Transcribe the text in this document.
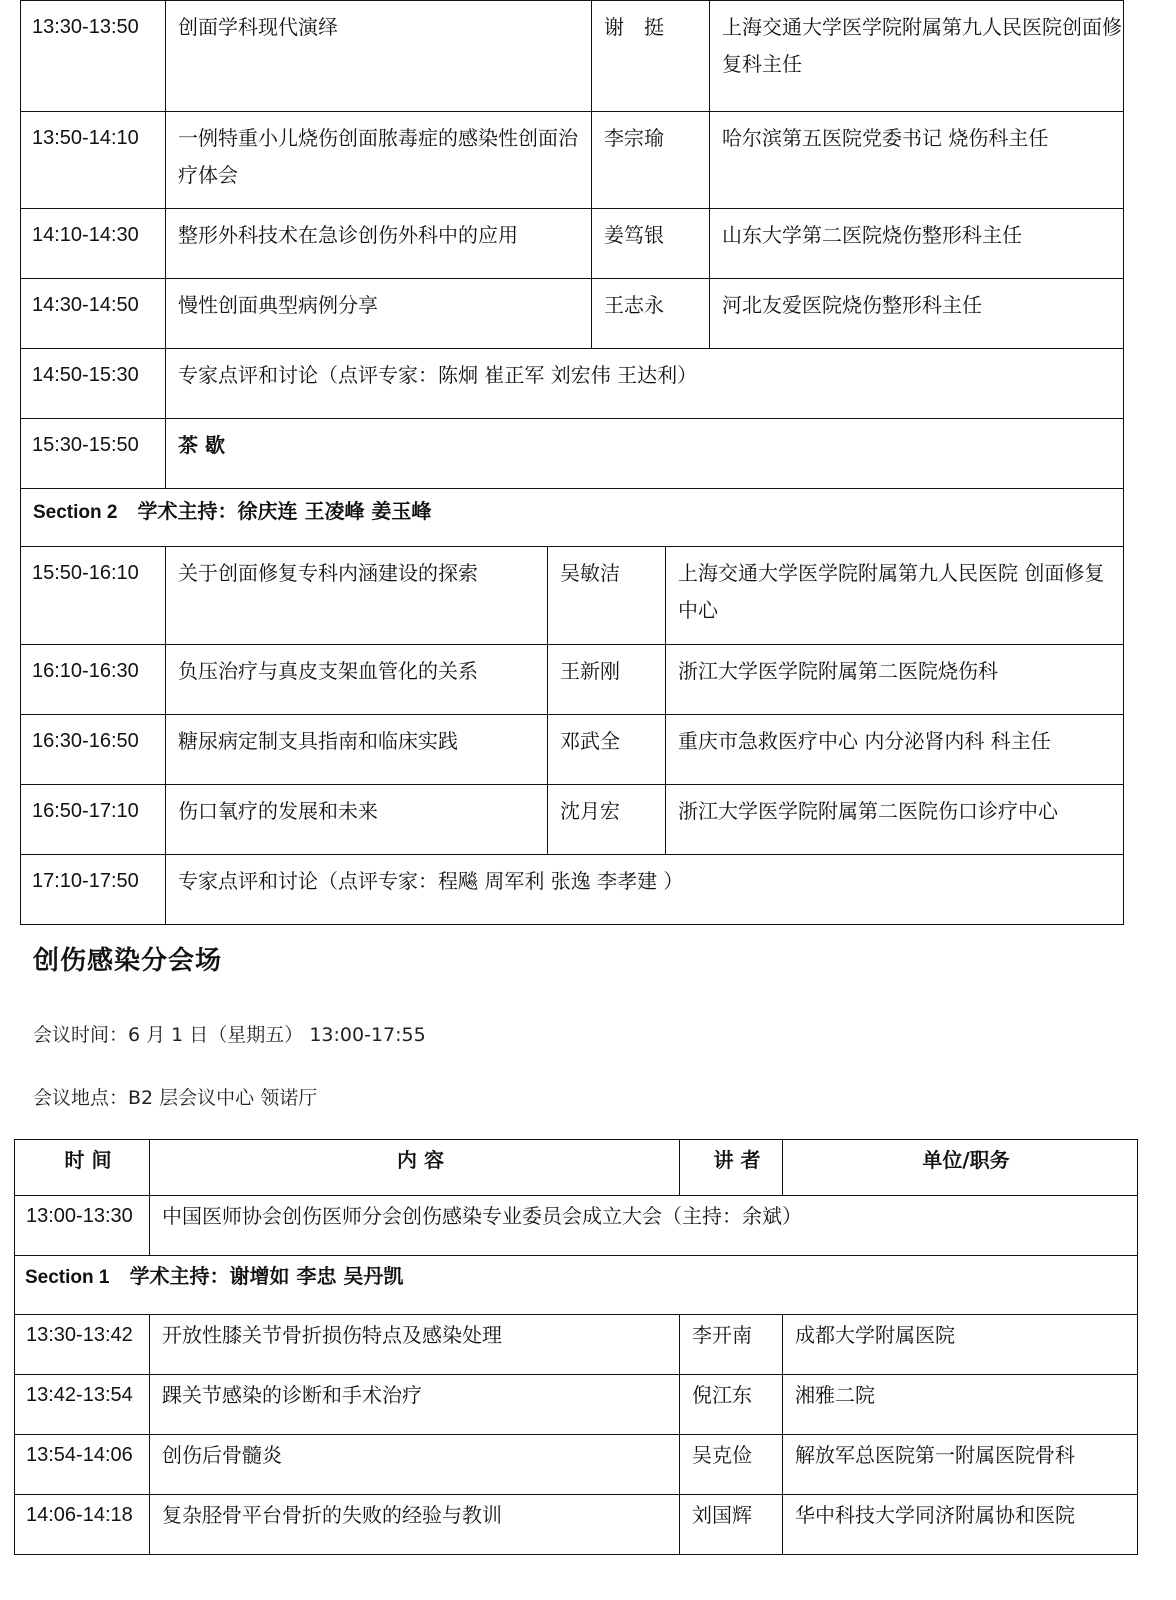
13:30-13:50	创面学科现代演绎	谢　挺	上海交通大学医学院附属第九人民医院创面修复科主任

13:50-14:10	一例特重小儿烧伤创面脓毒症的感染性创面治疗体会	李宗瑜	哈尔滨第五医院党委书记 烧伤科主任

14:10-14:30	整形外科技术在急诊创伤外科中的应用	姜笃银	山东大学第二医院烧伤整形科主任

14:30-14:50	慢性创面典型病例分享	王志永	河北友爱医院烧伤整形科主任

14:50-15:30	专家点评和讨论（点评专家：陈炯 崔正军 刘宏伟 王达利）		

15:30-15:50	茶 歇		

Section 2 学术主持：徐庆连 王凌峰 姜玉峰			
15:50-16:10	关于创面修复专科内涵建设的探索	吴敏洁	上海交通大学医学院附属第九人民医院 创面修复中心

16:10-16:30	负压治疗与真皮支架血管化的关系	王新刚	浙江大学医学院附属第二医院烧伤科

16:30-16:50	糖尿病定制支具指南和临床实践	邓武全	重庆市急救医疗中心 内分泌肾内科 科主任

16:50-17:10	伤口氧疗的发展和未来	沈月宏	浙江大学医学院附属第二医院伤口诊疗中心

17:10-17:50	专家点评和讨论（点评专家：程飚 周军利 张逸 李孝建 ）		
创伤感染分会场
会议时间：6 月 1 日（星期五） 13:00-17:55
会议地点：B2 层会议中心 领诺厅
时 间	内 容	讲 者	单位/职务

13:00-13:30	中国医师协会创伤医师分会创伤感染专业委员会成立大会（主持：余斌）		

Section 1 学术主持：谢增如 李忠 吴丹凯			

13:30-13:42	开放性膝关节骨折损伤特点及感染处理	李开南	成都大学附属医院

13:42-13:54	踝关节感染的诊断和手术治疗	倪江东	湘雅二院

13:54-14:06	创伤后骨髓炎	吴克俭	解放军总医院第一附属医院骨科

14:06-14:18	复杂胫骨平台骨折的失败的经验与教训	刘国辉	华中科技大学同济附属协和医院
